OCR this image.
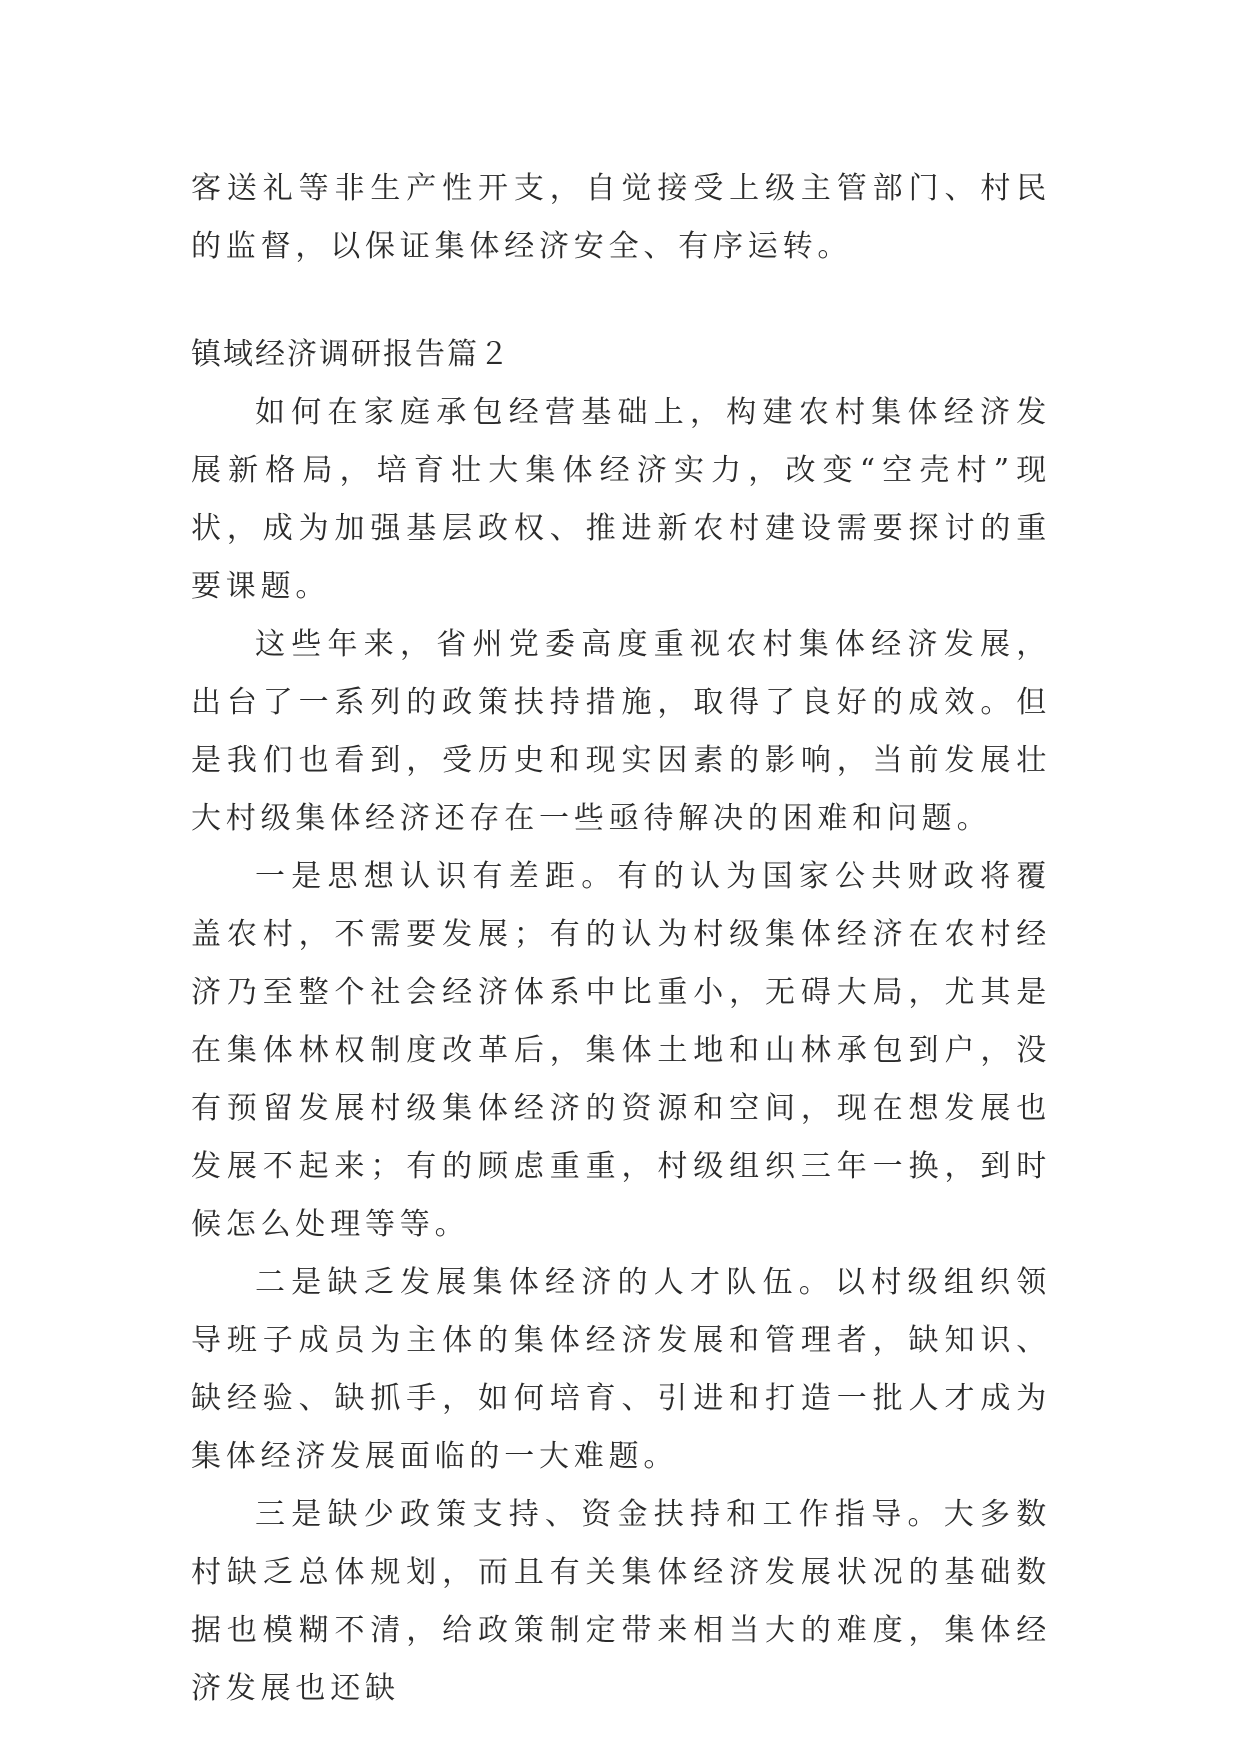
客送礼等非生产性开支，自觉接受上级主管部门、村民的监督，以保证集体经济安全、有序运转。

镇域经济调研报告篇２

如何在家庭承包经营基础上，构建农村集体经济发展新格局，培育壮大集体经济实力，改变“空壳村”现状，成为加强基层政权、推进新农村建设需要探讨的重要课题。

这些年来，省州党委高度重视农村集体经济发展，出台了一系列的政策扶持措施，取得了良好的成效。但是我们也看到，受历史和现实因素的影响，当前发展壮大村级集体经济还存在一些亟待解决的困难和问题。

一是思想认识有差距。有的认为国家公共财政将覆盖农村，不需要发展；有的认为村级集体经济在农村经济乃至整个社会经济体系中比重小，无碍大局，尤其是在集体林权制度改革后，集体土地和山林承包到户，没有预留发展村级集体经济的资源和空间，现在想发展也发展不起来；有的顾虑重重，村级组织三年一换，到时候怎么处理等等。

二是缺乏发展集体经济的人才队伍。以村级组织领导班子成员为主体的集体经济发展和管理者，缺知识、缺经验、缺抓手，如何培育、引进和打造一批人才成为集体经济发展面临的一大难题。

三是缺少政策支持、资金扶持和工作指导。大多数村缺乏总体规划，而且有关集体经济发展状况的基础数据也模糊不清，给政策制定带来相当大的难度，集体经济发展也还缺
